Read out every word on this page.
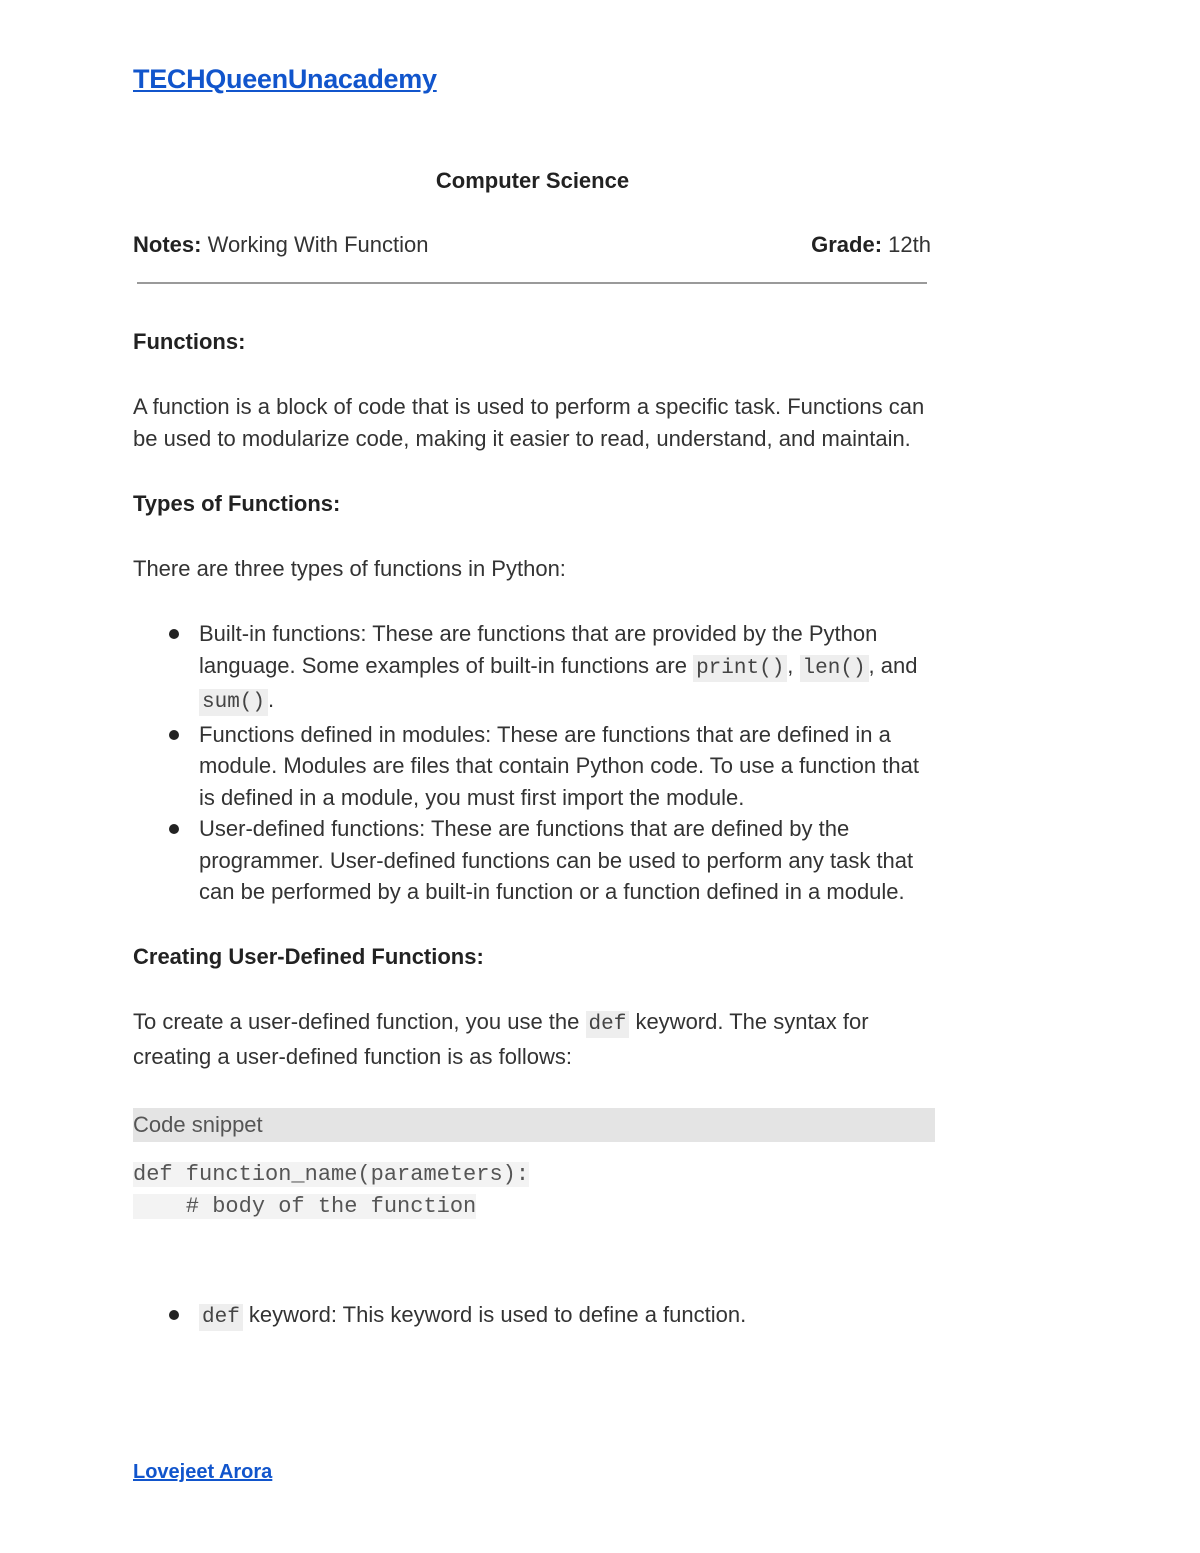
TECHQueenUnacademy
Computer Science
Notes: Working With Function	Grade: 12th
Functions:

A function is a block of code that is used to perform a specific task. Functions can be used to modularize code, making it easier to read, understand, and maintain.

Types of Functions:

There are three types of functions in Python:

Built-in functions: These are functions that are provided by the Python language. Some examples of built-in functions are print() , len() , and sum() .
Functions defined in modules: These are functions that are defined in a module. Modules are files that contain Python code. To use a function that is defined in a module, you must first import the module.
User-defined functions: These are functions that are defined by the programmer. User-defined functions can be used to perform any task that can be performed by a built-in function or a function defined in a module.
Creating User-Defined Functions:

To create a user-defined function, you use the def keyword. The syntax for creating a user-defined function is as follows:

Code snippet
def function_name(parameters):
# body of the function
def keyword: This keyword is used to define a function.
Lovejeet Arora
